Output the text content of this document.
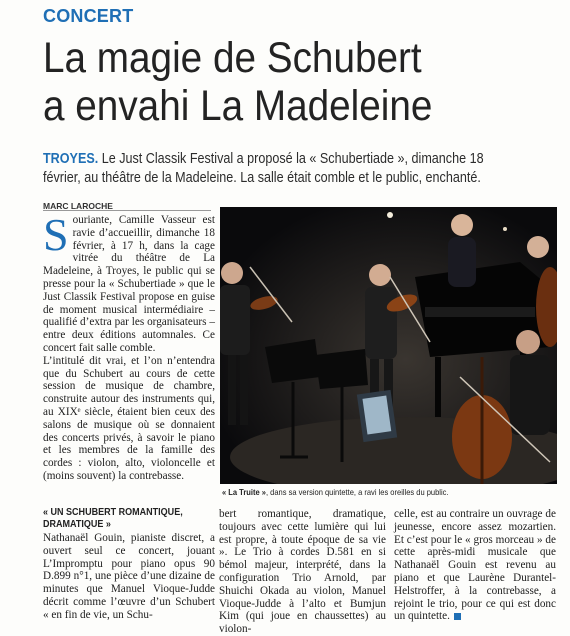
CONCERT
La magie de Schubert
a envahi La Madeleine
TROYES. Le Just Classik Festival a proposé la « Schubertiade », dimanche 18 février, au théâtre de la Madeleine. La salle était comble et le public, enchanté.
MARC LAROCHE
S ouriante, Camille Vasseur est ravie d’accueillir, dimanche 18 février, à 17 h, dans la cage vitrée du théâtre de La Madeleine, à Troyes, le public qui se presse pour la « Schubertiade » que le Just Classik Festival propose en guise de moment musical intermédiaire – qualifié d’extra par les organisateurs – entre deux éditions automnales. Ce concert fait salle comble.

L’intitulé dit vrai, et l’on n’entendra que du Schubert au cours de cette session de musique de chambre, construite autour des instruments qui, au XIXᵉ siècle, étaient bien ceux des salons de musique où se donnaient des concerts privés, à savoir le piano et les membres de la famille des cordes : violon, alto, violoncelle et (moins souvent) la contrebasse.

« UN SCHUBERT ROMANTIQUE, DRAMATIQUE »

Nathanaël Gouin, pianiste discret, a ouvert seul ce concert, jouant L’Impromptu pour piano opus 90 D.899 n°1, une pièce d’une dizaine de minutes que Manuel Vioque-Judde décrit comme l’œuvre d’un Schubert « en fin de vie, un Schu-

bert romantique, dramatique, toujours avec cette lumière qui lui est propre, à toute époque de sa vie ». Le Trio à cordes D.581 en si bémol majeur, interprété, dans la configuration Trio Arnold, par Shuichi Okada au violon, Manuel Vioque-Judde à l’alto et Bumjun Kim (qui joue en chaussettes) au violon-

celle, est au contraire un ouvrage de jeunesse, encore assez mozartien. Et c’est pour le « gros morceau » de cette après-midi musicale que Nathanaël Gouin est revenu au piano et que Laurène Durantel-Helstroffer, à la contrebasse, a rejoint le trio, pour ce qui est donc un quintette.

« La Truite », dans sa version quintette, a ravi les oreilles du public.
